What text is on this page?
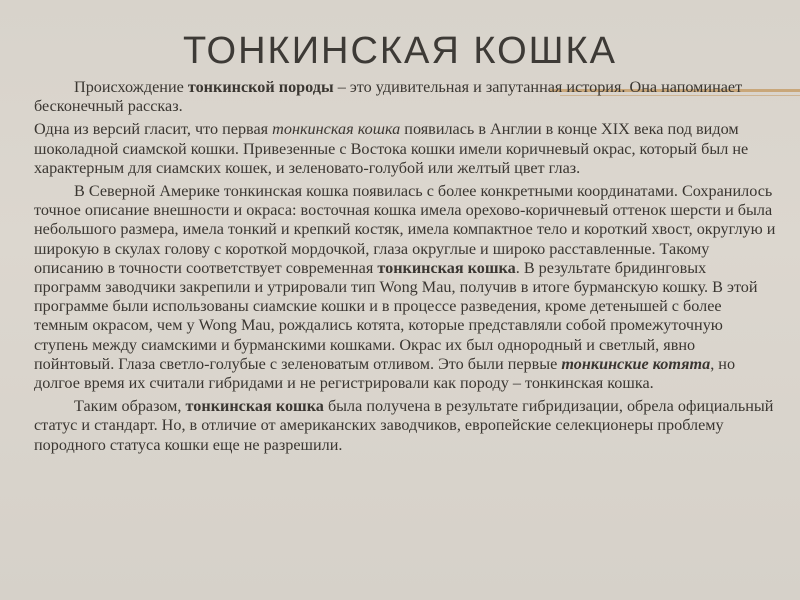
ТОНКИНСКАЯ КОШКА

Происхождение тонкинской породы – это удивительная и запутанная история. Она напоминает бесконечный рассказ.

Одна из версий гласит, что первая тонкинская кошка появилась в Англии в конце XIX века под видом шоколадной сиамской кошки. Привезенные с Востока кошки имели коричневый окрас, который был не характерным для сиамских кошек, и зеленовато-голубой или желтый цвет глаз.

В Северной Америке тонкинская кошка появилась с более конкретными координатами. Сохранилось точное описание внешности и окраса: восточная кошка имела орехово-коричневый оттенок шерсти и была небольшого размера, имела тонкий и крепкий костяк, имела компактное тело и короткий хвост, округлую и широкую в скулах голову с короткой мордочкой, глаза округлые и широко расставленные. Такому описанию в точности соответствует современная тонкинская кошка. В результате бридинговых программ заводчики закрепили и утрировали тип Wong Mau, получив в итоге бурманскую кошку. В этой программе были использованы сиамские кошки и в процессе разведения, кроме детенышей с более темным окрасом, чем у Wong Mau, рождались котята, которые представляли собой промежуточную ступень между сиамскими и бурманскими кошками. Окрас их был однородный и светлый, явно пойнтовый. Глаза светло-голубые с зеленоватым отливом. Это были первые тонкинские котята, но долгое время их считали гибридами и не регистрировали как породу – тонкинская кошка.

Таким образом, тонкинская кошка была получена в результате гибридизации, обрела официальный статус и стандарт. Но, в отличие от американских заводчиков, европейские селекционеры проблему породного статуса кошки еще не разрешили.
